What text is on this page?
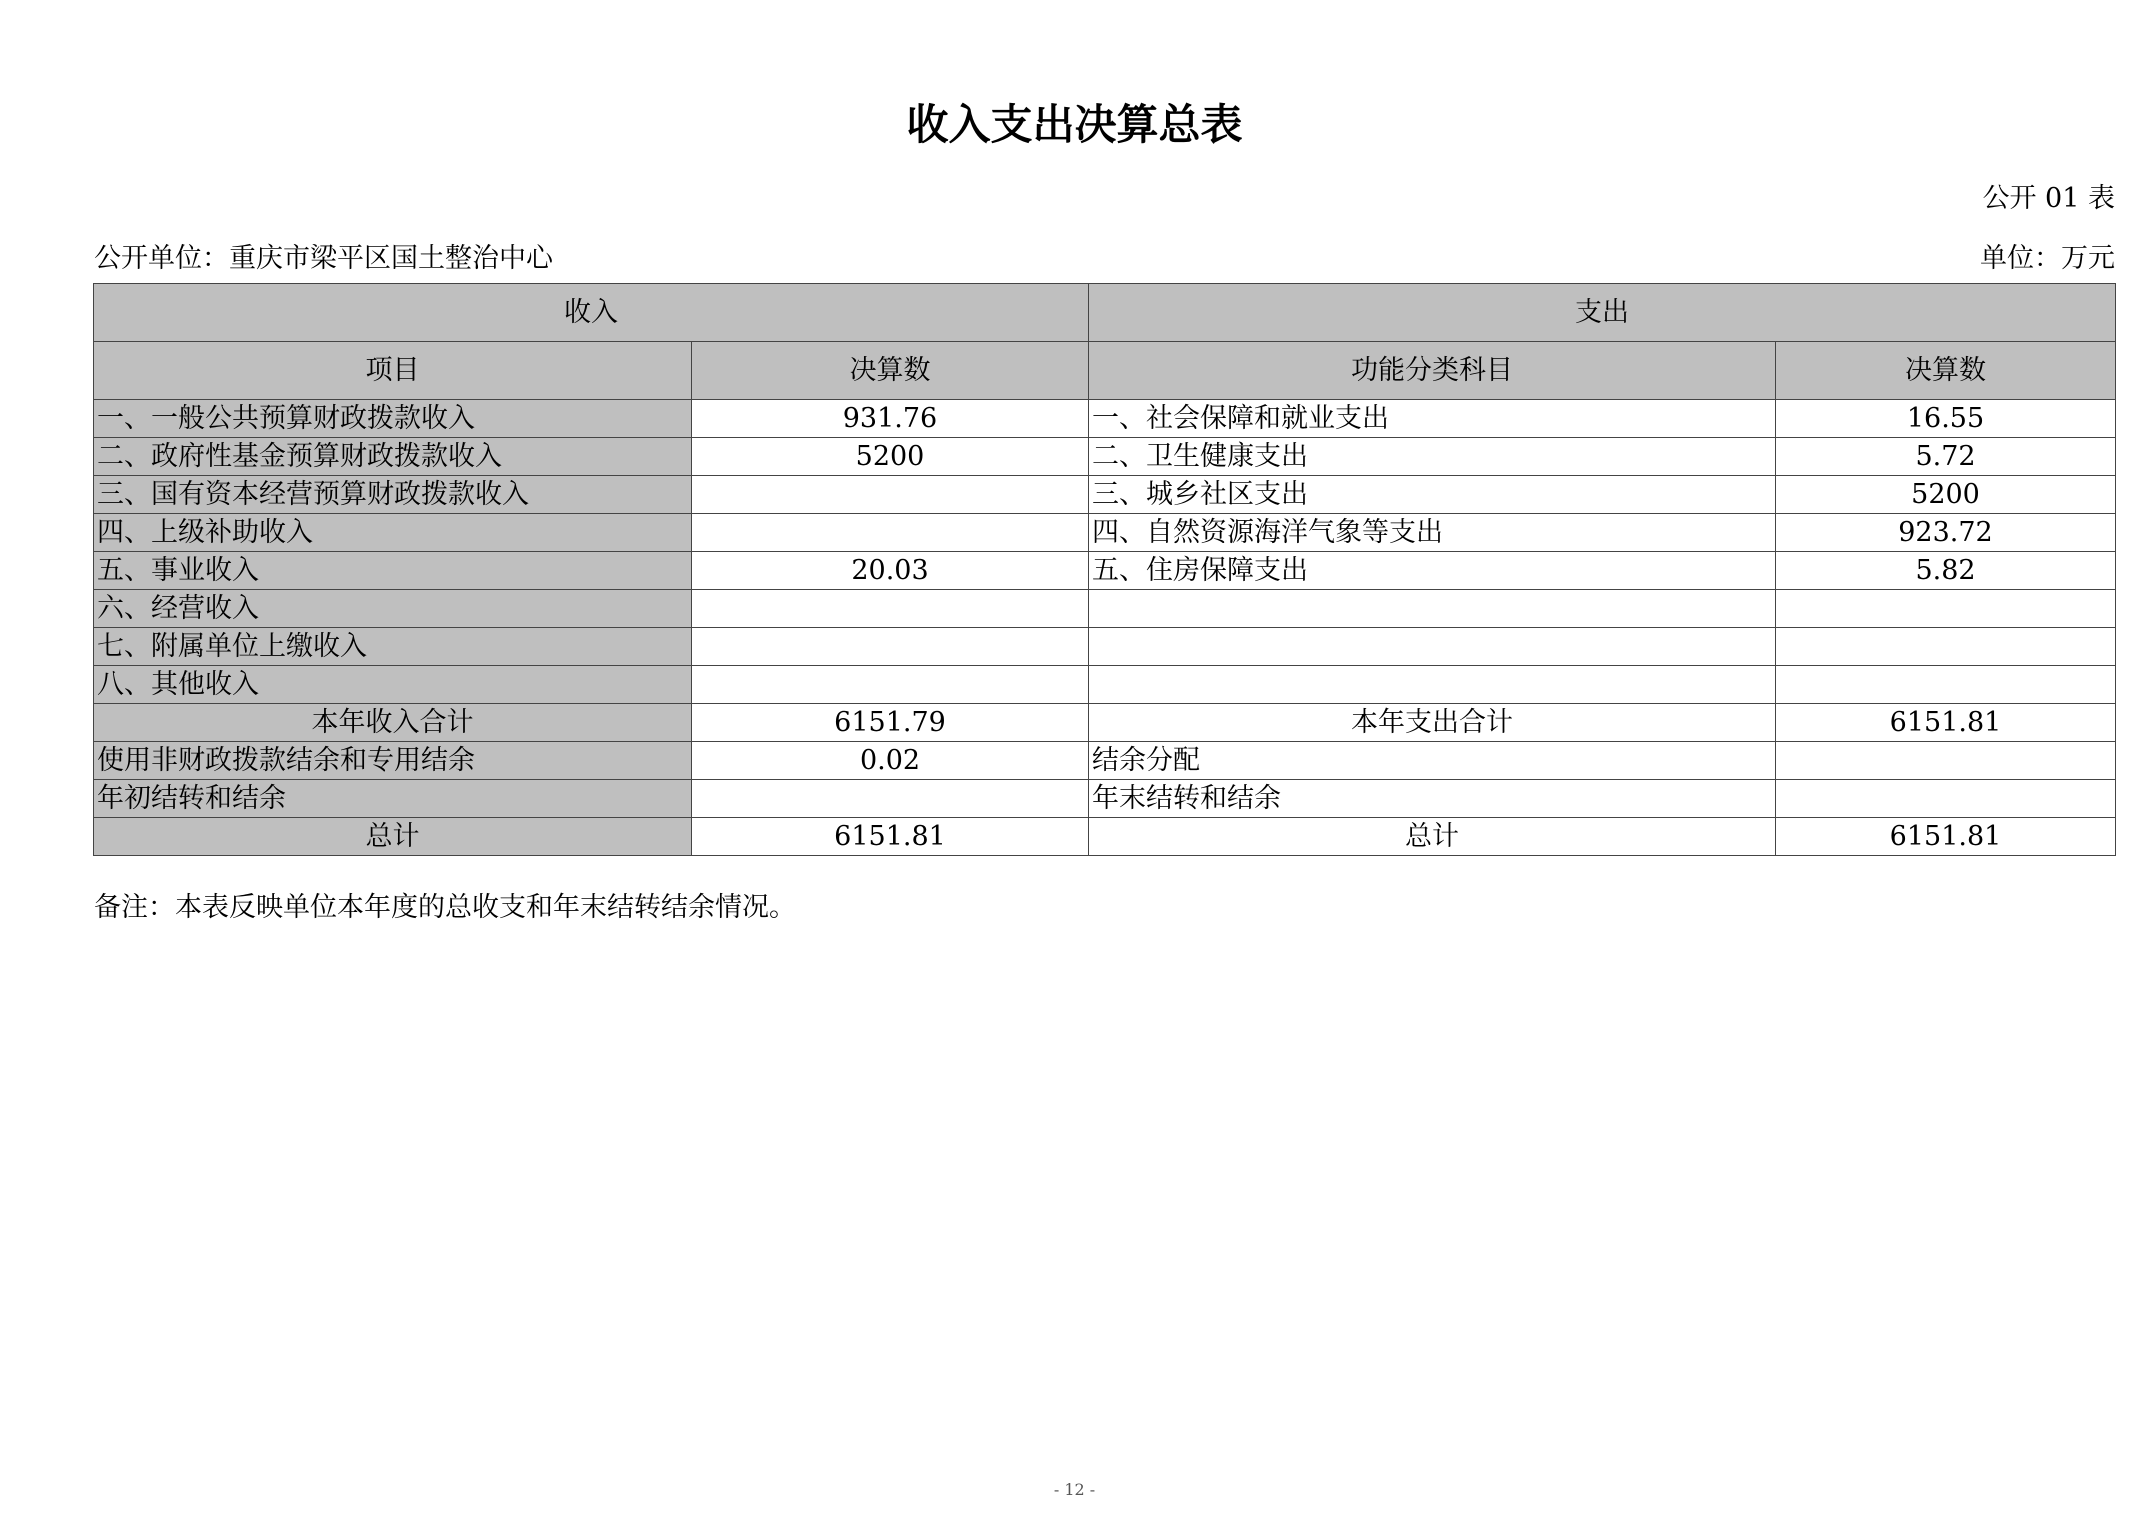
收入支出决算总表
公开 01 表
公开单位：重庆市梁平区国土整治中心	单位：万元
收入		支出	
项目	决算数	功能分类科目	决算数
一、一般公共预算财政拨款收入	931.76	一、社会保障和就业支出	16.55
二、政府性基金预算财政拨款收入	5200	二、卫生健康支出	5.72
三、国有资本经营预算财政拨款收入		三、城乡社区支出	5200
四、上级补助收入		四、自然资源海洋气象等支出	923.72
五、事业收入	20.03	五、住房保障支出	5.82
六、经营收入			
七、附属单位上缴收入			
八、其他收入			
本年收入合计	6151.79	本年支出合计	6151.81
使用非财政拨款结余和专用结余	0.02	结余分配	
年初结转和结余		年末结转和结余	
总计	6151.81	总计	6151.81
备注：本表反映单位本年度的总收支和年末结转结余情况。
- 12 -
